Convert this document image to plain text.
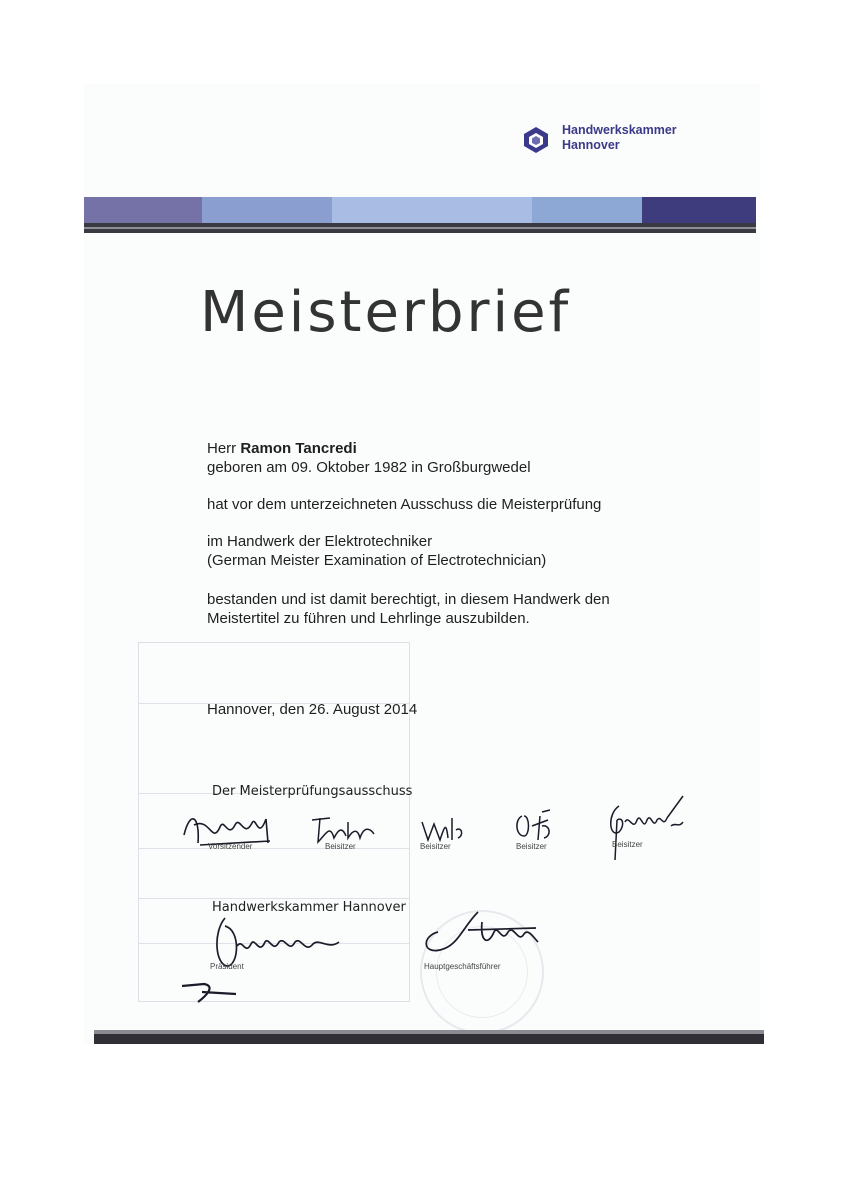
Handwerkskammer
Hannover
Meisterbrief
Herr Ramon Tancredi
geboren am 09. Oktober 1982 in Großburgwedel
hat vor dem unterzeichneten Ausschuss die Meisterprüfung
im Handwerk der Elektrotechniker
(German Meister Examination of Electrotechnician)
bestanden und ist damit berechtigt, in diesem Handwerk den
Meistertitel zu führen und Lehrlinge auszubilden.
Hannover, den 26. August 2014
Der Meisterprüfungsausschuss
Vorsitzender	Beisitzer	Beisitzer	Beisitzer	Beisitzer
Handwerkskammer Hannover
Präsident	Hauptgeschäftsführer
